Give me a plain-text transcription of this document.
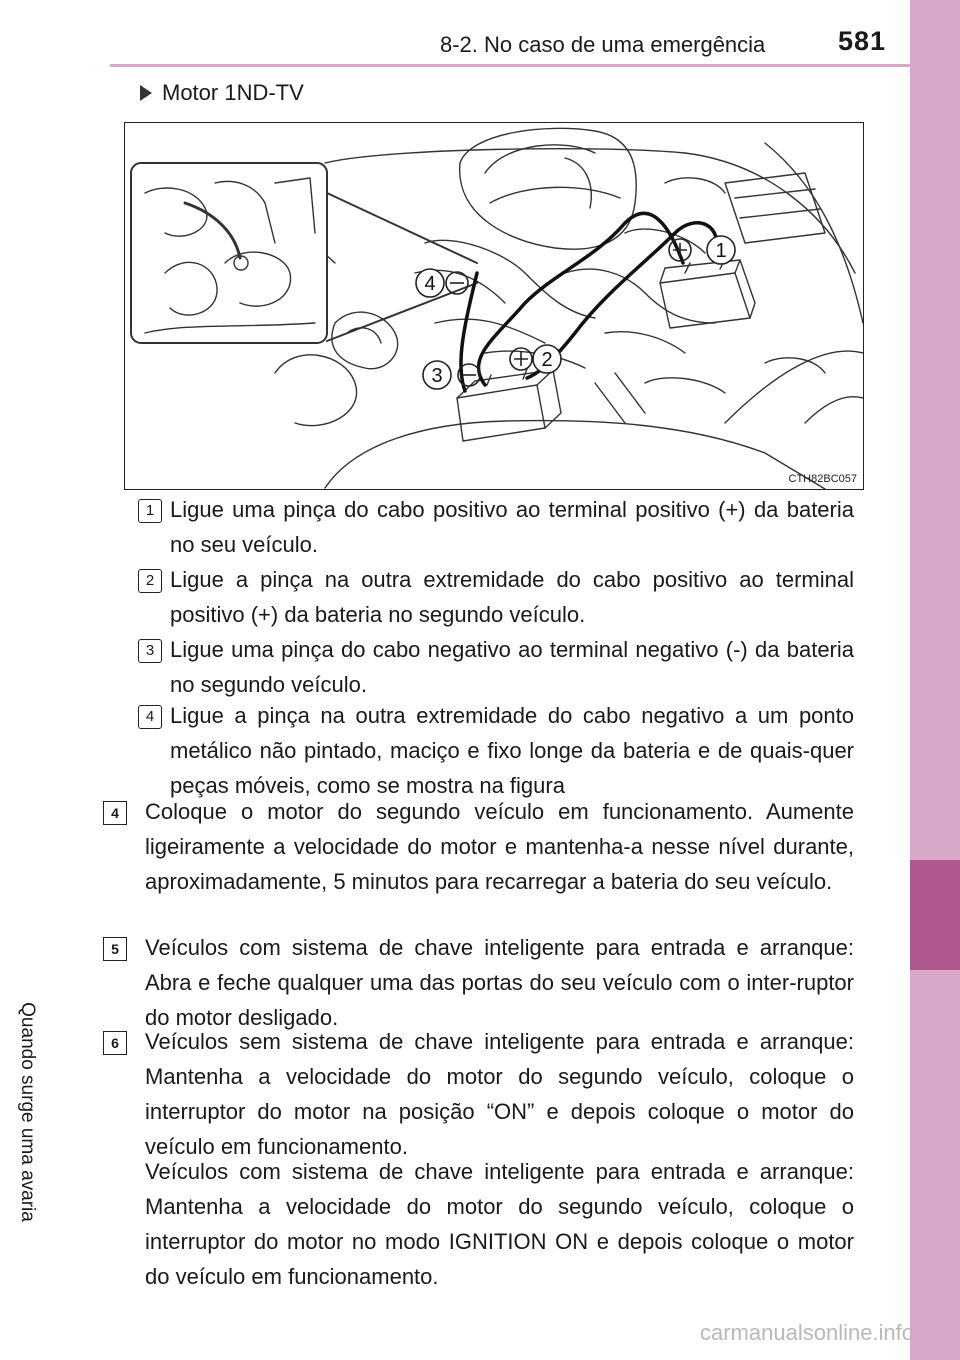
8-2. No caso de uma emergência	581
8
Quando surge uma avaria
Motor 1ND-TV
1
2
3
4
CTH82BC057
1 Ligue uma pinça do cabo positivo ao terminal positivo (+) da bateria no seu veículo.
2 Ligue a pinça na outra extremidade do cabo positivo ao terminal positivo (+) da bateria no segundo veículo.
3 Ligue uma pinça do cabo negativo ao terminal negativo (-) da bateria no segundo veículo.
4 Ligue a pinça na outra extremidade do cabo negativo a um ponto metálico não pintado, maciço e fixo longe da bateria e de quais-quer peças móveis, como se mostra na figura
4	Coloque o motor do segundo veículo em funcionamento. Aumente ligeiramente a velocidade do motor e mantenha-a nesse nível durante, aproximadamente, 5 minutos para recarregar a bateria do seu veículo.
5	Veículos com sistema de chave inteligente para entrada e arranque: Abra e feche qualquer uma das portas do seu veículo com o inter-ruptor do motor desligado.
6	Veículos sem sistema de chave inteligente para entrada e arranque: Mantenha a velocidade do motor do segundo veículo, coloque o interruptor do motor na posição “ON” e depois coloque o motor do veículo em funcionamento.
Veículos com sistema de chave inteligente para entrada e arranque: Mantenha a velocidade do motor do segundo veículo, coloque o interruptor do motor no modo IGNITION ON e depois coloque o motor do veículo em funcionamento.
carmanualsonline.info
